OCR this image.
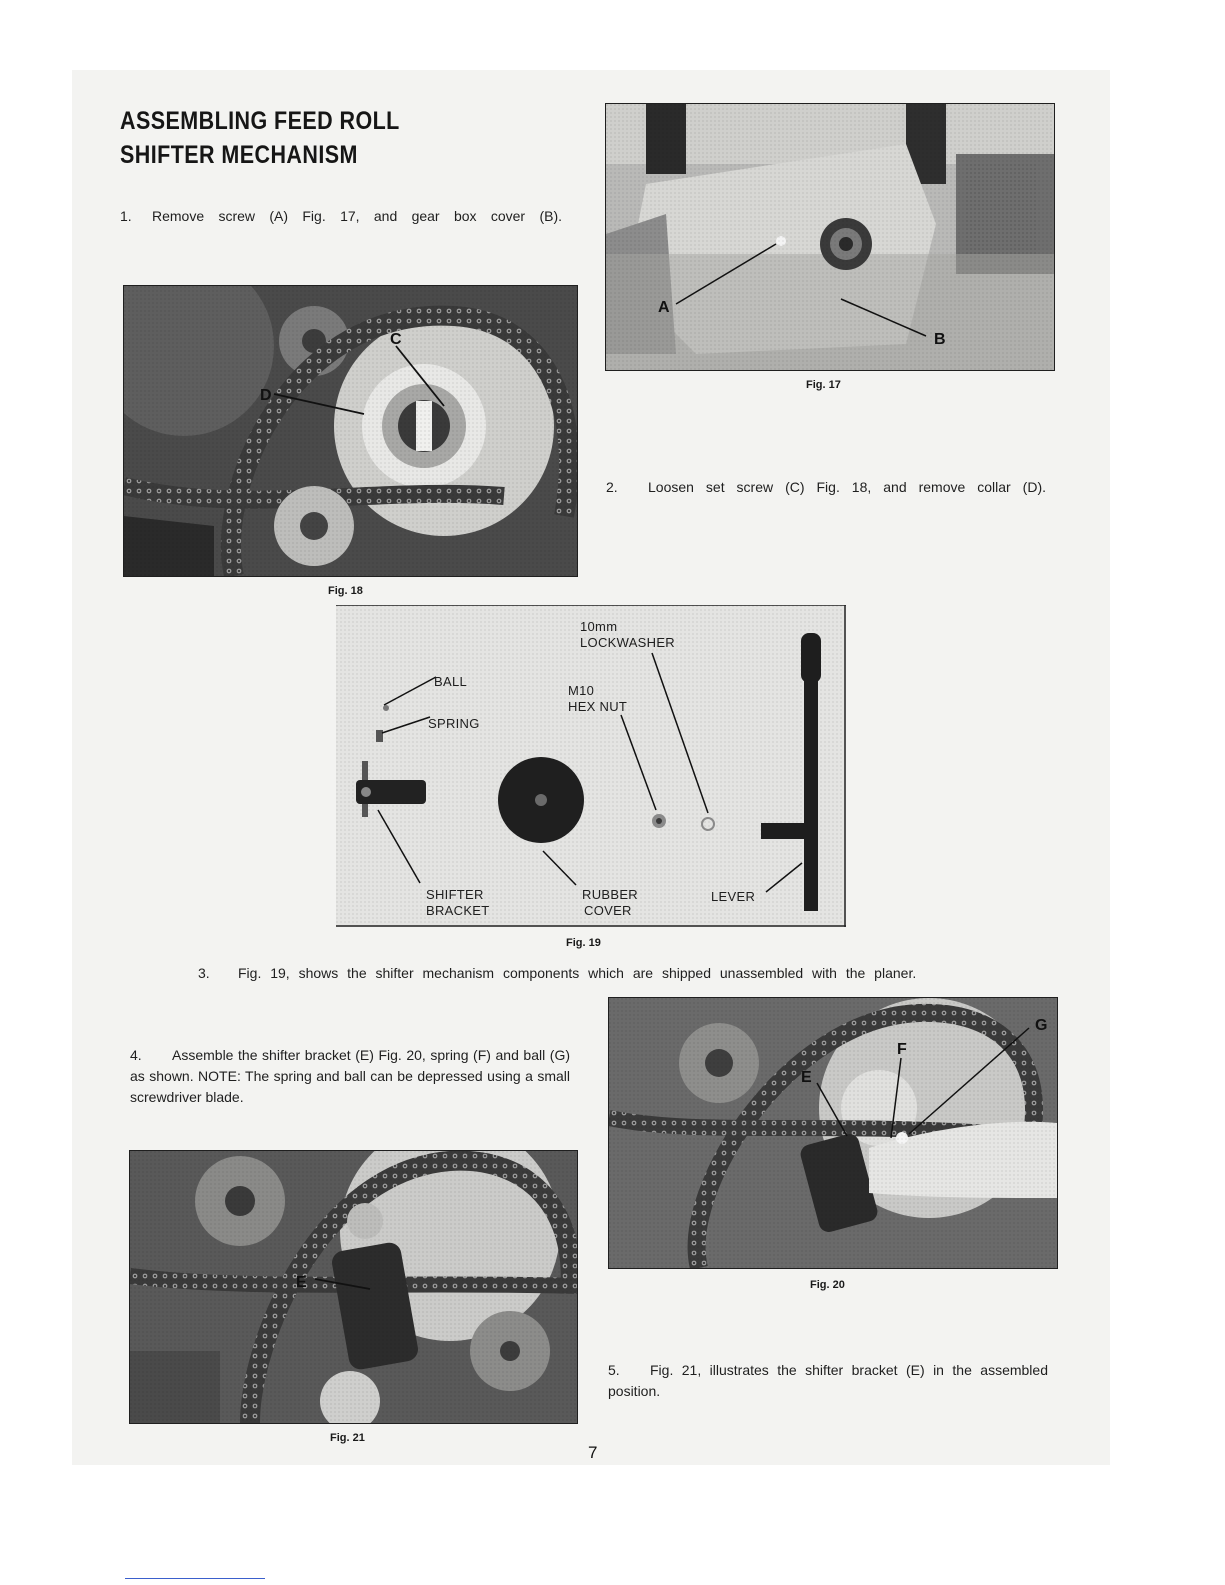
ASSEMBLING FEED ROLL
SHIFTER MECHANISM

1. Remove screw (A) Fig. 17, and gear box cover (B).

A
B
Fig. 17
C
D
Fig. 18

2. Loosen set screw (C) Fig. 18, and remove collar (D).

BALL
SPRING
M10
HEX NUT
10mm
LOCKWASHER
SHIFTER
BRACKET
RUBBER
COVER
LEVER
Fig. 19

3. Fig. 19, shows the shifter mechanism components which are shipped unassembled with the planer.

4. Assemble the shifter bracket (E) Fig. 20, spring (F) and ball (G) as shown. NOTE: The spring and ball can be depressed using a small screwdriver blade.

E
F
G
Fig. 20
E
Fig. 21

5. Fig. 21, illustrates the shifter bracket (E) in the assembled position.

7
